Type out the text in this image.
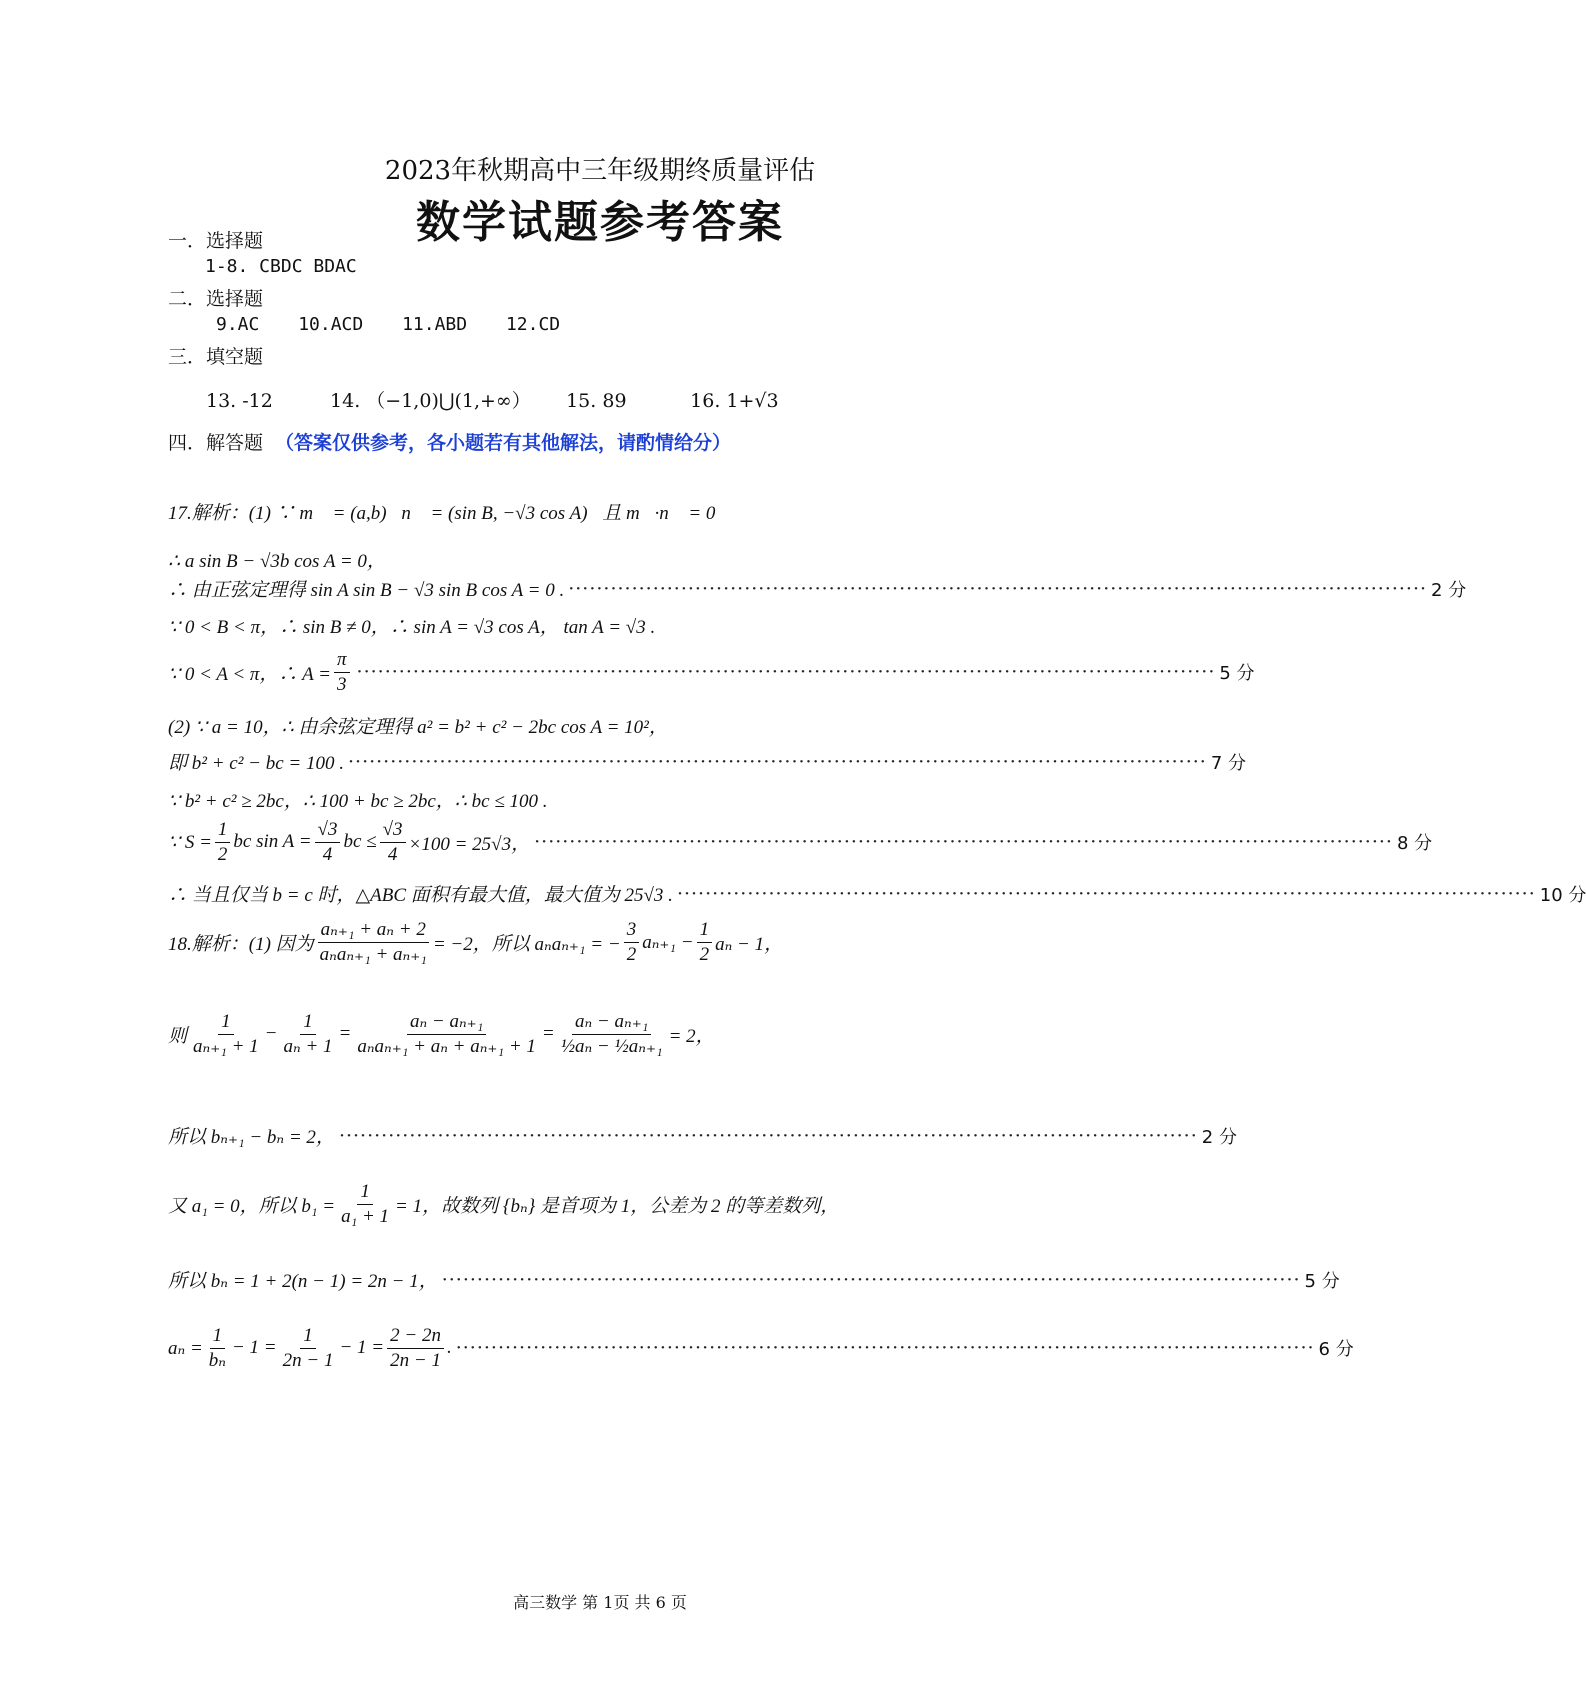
2023年秋期高中三年级期终质量评估
数学试题参考答案
一．选择题
1-8. CBDC BDAC
二．选择题
9.AC 10.ACD 11.ABD 12.CD
三．填空题
13. -12	14. （−1,0)⋃(1,+∞） 15. 89	16. 1+√3
四．解答题 （答案仅供参考，各小题若有其他解法，请酌情给分）
17.解析：(1) ∵ m⃗ = (a,b)，n⃗ = (sin B, −√3 cos A)，且 m⃗·n⃗ = 0，
∴ a sin B − √3b cos A = 0，
∴ 由正弦定理得 sin A sin B − √3 sin B cos A = 0 . ·························································································································· 2 分
∵ 0 < B < π，∴ sin B ≠ 0，∴ sin A = √3 cos A， tan A = √3 .
∵ 0 < A < π，∴ $A = \frac{\pi}{3}$ ·························································································································· 5 分
(2) ∵ a = 10，∴ 由余弦定理得 a² = b² + c² − 2bc cos A = 10²，
即 b² + c² − bc = 100 . ·························································································································· 7 分
∵ b² + c² ≥ 2bc，∴ 100 + bc ≥ 2bc，∴ bc ≤ 100 .
∵ $S = \frac{1}{2}$ bc $\sin A = \frac{√3}{4}$ bc ≤ $\frac{√3}{4} \times 100 = 25√3$， ·························································································································· 8 分
∴ 当且仅当 b = c 时，△ABC 面积有最大值，最大值为 25√3 . ·························································································································· 10 分
18.解析：(1) 因为 $\frac{\text{aₙ₊₁ + aₙ + 2}}{\text{aₙaₙ₊₁ + aₙ₊₁}} = -2$，所以 aₙaₙ₊₁ = − $\frac{3}{2} a_{n+1} - \frac{1}{2}$ aₙ − 1，
则 $\frac{1}{\text{aₙ₊₁ + 1}} - \frac{1}{\text{aₙ + 1}} = \frac{\text{aₙ − aₙ₊₁}}{\text{aₙaₙ₊₁ + aₙ + aₙ₊₁ + 1}} = \frac{\text{aₙ − aₙ₊₁}}{\text{½aₙ − ½aₙ₊₁}} = 2$，
所以 bₙ₊₁ − bₙ = 2， ·························································································································· 2 分
又 a₁ = 0，所以 $b_1 = \frac{1}{\text{a₁ + 1}} = 1$，故数列 {bₙ} 是首项为 1，公差为 2 的等差数列，
所以 bₙ = 1 + 2(n − 1) = 2n − 1， ·························································································································· 5 分
$a_n = \frac{1}{\text{bₙ}} - 1 = \frac{1}{2n - 1} - 1 = \frac{2 - 2n}{2n - 1}$ . ·························································································································· 6 分
高三数学 第 1页 共 6 页
